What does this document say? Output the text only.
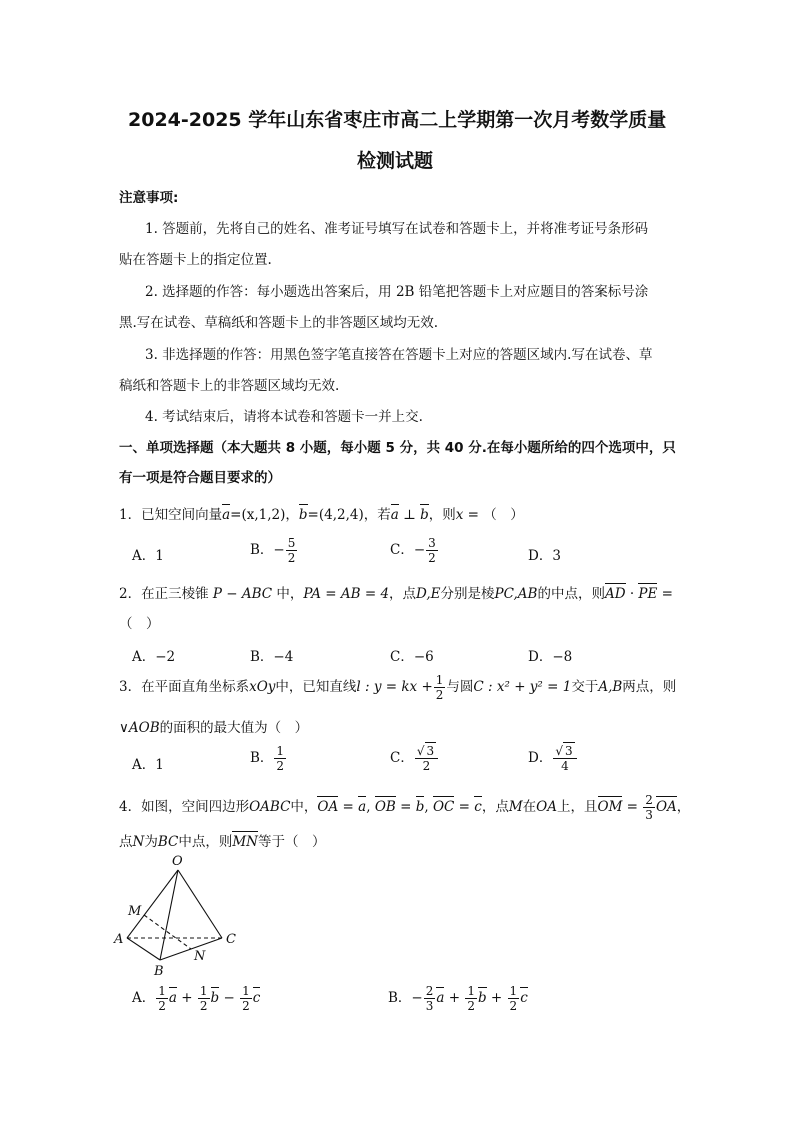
2024-2025 学年山东省枣庄市高二上学期第一次月考数学质量
检测试题
注意事项:
1. 答题前，先将自己的姓名、准考证号填写在试卷和答题卡上，并将准考证号条形码
贴在答题卡上的指定位置.
2. 选择题的作答：每小题选出答案后，用 2B 铅笔把答题卡上对应题目的答案标号涂
黑.写在试卷、草稿纸和答题卡上的非答题区域均无效.
3. 非选择题的作答：用黑色签字笔直接答在答题卡上对应的答题区域内.写在试卷、草
稿纸和答题卡上的非答题区域均无效.
4. 考试结束后，请将本试卷和答题卡一并上交.
一、单项选择题（本大题共 8 小题，每小题 5 分，共 40 分.在每小题所给的四个选项中，只
有一项是符合题目要求的）
1．已知空间向量a=(x,1,2)，b=(4,2,4)，若a ⊥ b，则x = （　）
A．1	B．− $\frac{5}{2}$	C．− $\frac{3}{2}$	D．3
2．在正三棱锥 P − ABC 中，PA = AB = 4，点D,E分别是棱PC,AB的中点，则AD · PE =
（　）
A．−2	B．−4	C．−6	D．−8
3．在平面直角坐标系xOy中，已知直线l : y = kx + $\frac{1}{2}$ 与圆C : x² + y² = 1交于A,B两点，则
∨AOB的面积的最大值为（　）
A．1	B． $\frac{1}{2}$	C． $\frac{√ 3}{2}$	D． $\frac{√ 3}{4}$
4．如图，空间四边形OABC中，OA = a, OB = b, OC = c，点M在OA上，且OM = $\frac{2}{3}$ OA，
点N为BC中点，则MN等于（　）
O
M
A	C
B
N
A． $\frac{1}{2}$ $a + \frac{1}{2}$ $b - \frac{1}{2}$ c	B．− $\frac{2}{3}$ $a + \frac{1}{2}$ $b + \frac{1}{2}$ c
